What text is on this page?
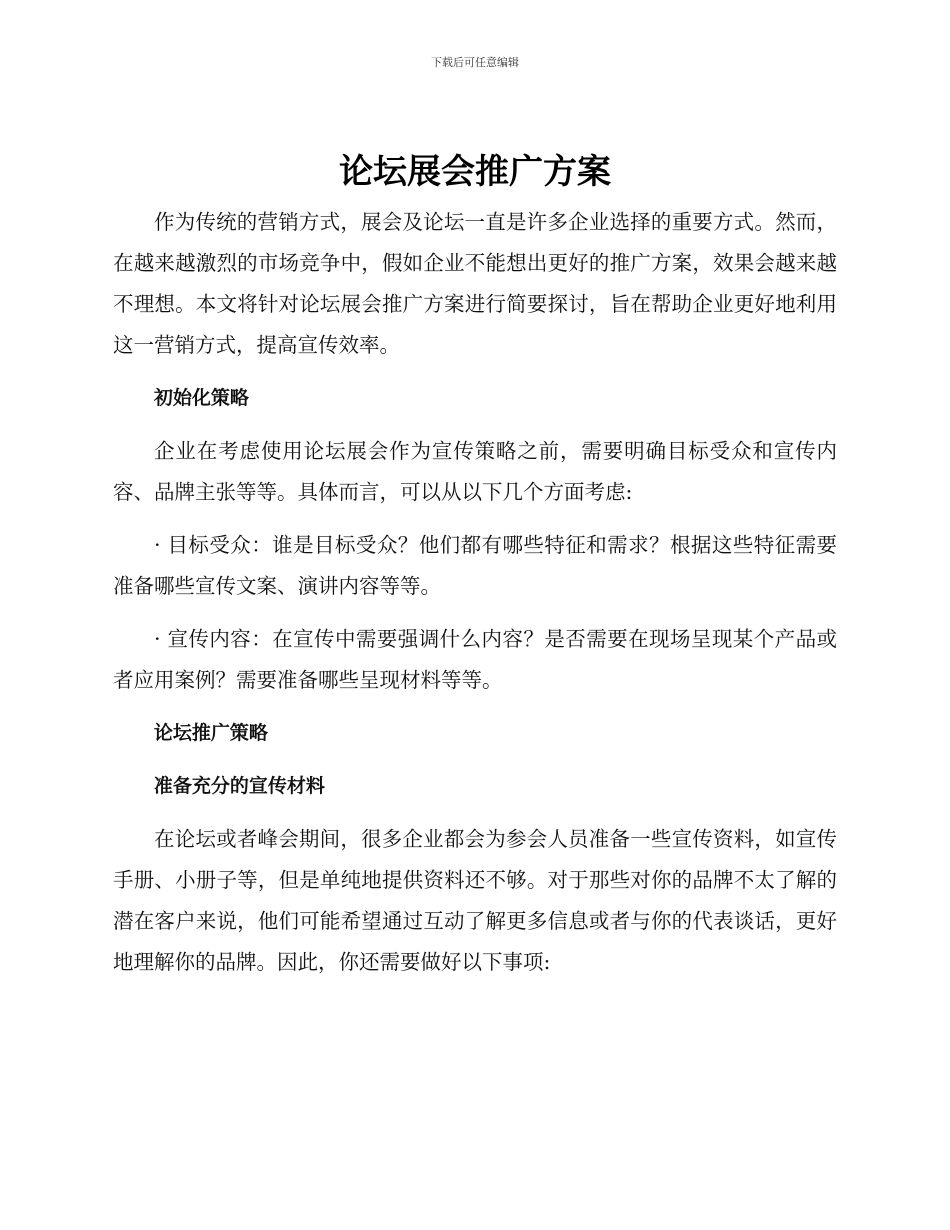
下载后可任意编辑
论坛展会推广方案

作为传统的营销方式，展会及论坛一直是许多企业选择的重要方式。然而，在越来越激烈的市场竞争中，假如企业不能想出更好的推广方案，效果会越来越不理想。本文将针对论坛展会推广方案进行简要探讨，旨在帮助企业更好地利用这一营销方式，提高宣传效率。

初始化策略

企业在考虑使用论坛展会作为宣传策略之前，需要明确目标受众和宣传内容、品牌主张等等。具体而言，可以从以下几个方面考虑:

· 目标受众：谁是目标受众？他们都有哪些特征和需求？根据这些特征需要准备哪些宣传文案、演讲内容等等。

· 宣传内容：在宣传中需要强调什么内容？是否需要在现场呈现某个产品或者应用案例？需要准备哪些呈现材料等等。

论坛推广策略
准备充分的宣传材料

在论坛或者峰会期间，很多企业都会为参会人员准备一些宣传资料，如宣传手册、小册子等，但是单纯地提供资料还不够。对于那些对你的品牌不太了解的潜在客户来说，他们可能希望通过互动了解更多信息或者与你的代表谈话，更好地理解你的品牌。因此，你还需要做好以下事项:
